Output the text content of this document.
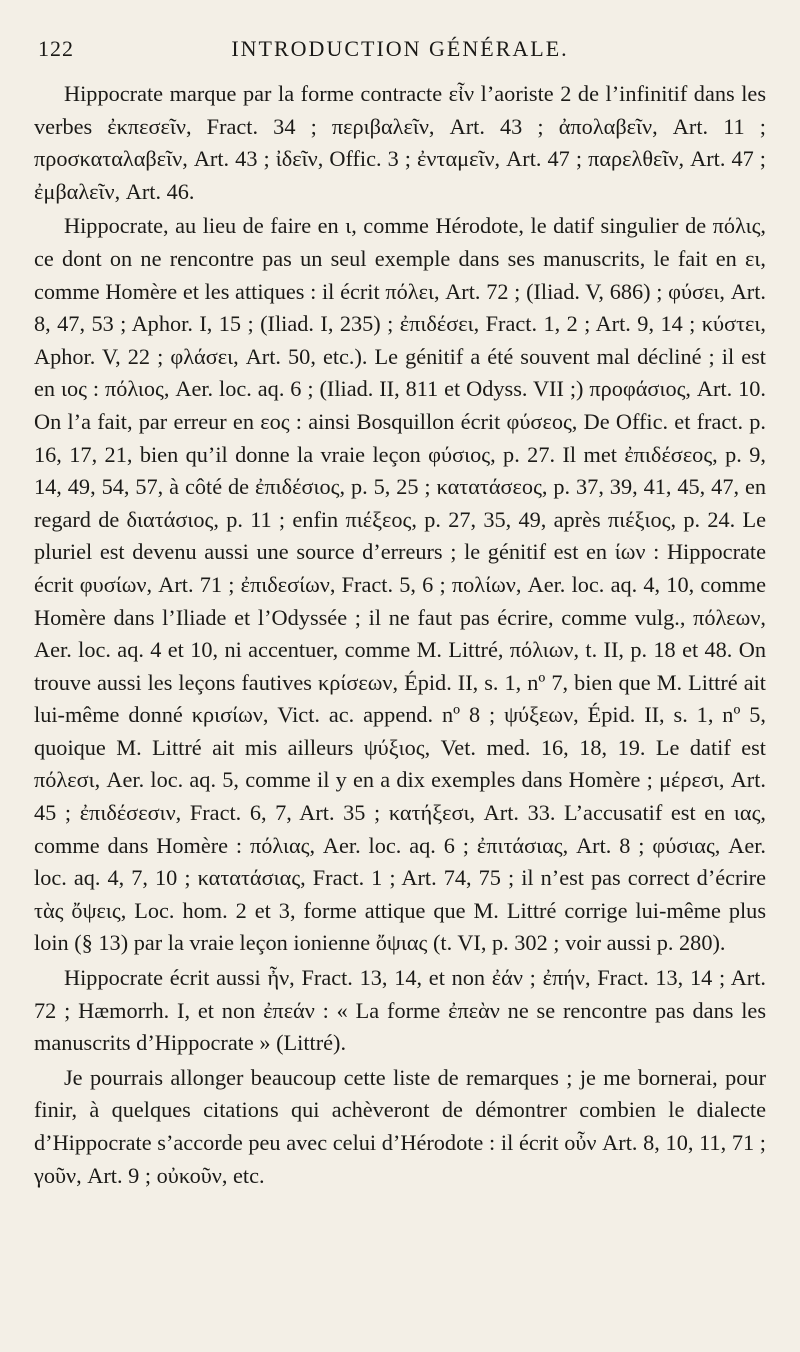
122	INTRODUCTION GÉNÉRALE.

Hippocrate marque par la forme contracte εἶν l’aoriste 2 de l’infinitif dans les verbes ἐκπεσεῖν, Fract. 34 ; περιβαλεῖν, Art. 43 ; ἀπολαβεῖν, Art. 11 ; προσκαταλαβεῖν, Art. 43 ; ἰδεῖν, Offic. 3 ; ἐνταμεῖν, Art. 47 ; παρελθεῖν, Art. 47 ; ἐμβαλεῖν, Art. 46.

Hippocrate, au lieu de faire en ι, comme Hérodote, le datif singulier de πόλις, ce dont on ne rencontre pas un seul exemple dans ses manuscrits, le fait en ει, comme Homère et les attiques : il écrit πόλει, Art. 72 ; (Iliad. V, 686) ; φύσει, Art. 8, 47, 53 ; Aphor. I, 15 ; (Iliad. I, 235) ; ἐπιδέσει, Fract. 1, 2 ; Art. 9, 14 ; κύστει, Aphor. V, 22 ; φλάσει, Art. 50, etc.). Le génitif a été souvent mal décliné ; il est en ιος : πόλιος, Aer. loc. aq. 6 ; (Iliad. II, 811 et Odyss. VII ;) προφάσιος, Art. 10. On l’a fait, par erreur en εος : ainsi Bosquillon écrit φύσεος, De Offic. et fract. p. 16, 17, 21, bien qu’il donne la vraie leçon φύσιος, p. 27. Il met ἐπιδέσεος, p. 9, 14, 49, 54, 57, à côté de ἐπιδέσιος, p. 5, 25 ; κατατάσεος, p. 37, 39, 41, 45, 47, en regard de διατάσιος, p. 11 ; enfin πιέξεος, p. 27, 35, 49, après πιέξιος, p. 24. Le pluriel est devenu aussi une source d’erreurs ; le génitif est en ίων : Hippocrate écrit φυσίων, Art. 71 ; ἐπιδεσίων, Fract. 5, 6 ; πολίων, Aer. loc. aq. 4, 10, comme Homère dans l’Iliade et l’Odyssée ; il ne faut pas écrire, comme vulg., πόλεων, Aer. loc. aq. 4 et 10, ni accentuer, comme M. Littré, πόλιων, t. II, p. 18 et 48. On trouve aussi les leçons fautives κρίσεων, Épid. II, s. 1, nº 7, bien que M. Littré ait lui-même donné κρισίων, Vict. ac. append. nº 8 ; ψύξεων, Épid. II, s. 1, nº 5, quoique M. Littré ait mis ailleurs ψύξιος, Vet. med. 16, 18, 19. Le datif est πόλεσι, Aer. loc. aq. 5, comme il y en a dix exemples dans Homère ; μέρεσι, Art. 45 ; ἐπιδέσεσιν, Fract. 6, 7, Art. 35 ; κατήξεσι, Art. 33. L’accusatif est en ιας, comme dans Homère : πόλιας, Aer. loc. aq. 6 ; ἐπιτάσιας, Art. 8 ; φύσιας, Aer. loc. aq. 4, 7, 10 ; κατατάσιας, Fract. 1 ; Art. 74, 75 ; il n’est pas correct d’écrire τὰς ὄψεις, Loc. hom. 2 et 3, forme attique que M. Littré corrige lui-même plus loin (§ 13) par la vraie leçon ionienne ὄψιας (t. VI, p. 302 ; voir aussi p. 280).

Hippocrate écrit aussi ἦν, Fract. 13, 14, et non ἐάν ; ἐπήν, Fract. 13, 14 ; Art. 72 ; Hæmorrh. I, et non ἐπεάν : « La forme ἐπεὰν ne se rencontre pas dans les manuscrits d’Hippocrate » (Littré).

Je pourrais allonger beaucoup cette liste de remarques ; je me bornerai, pour finir, à quelques citations qui achèveront de démontrer combien le dialecte d’Hippocrate s’accorde peu avec celui d’Hérodote : il écrit οὖν Art. 8, 10, 11, 71 ; γοῦν, Art. 9 ; οὐκοῦν, etc.
